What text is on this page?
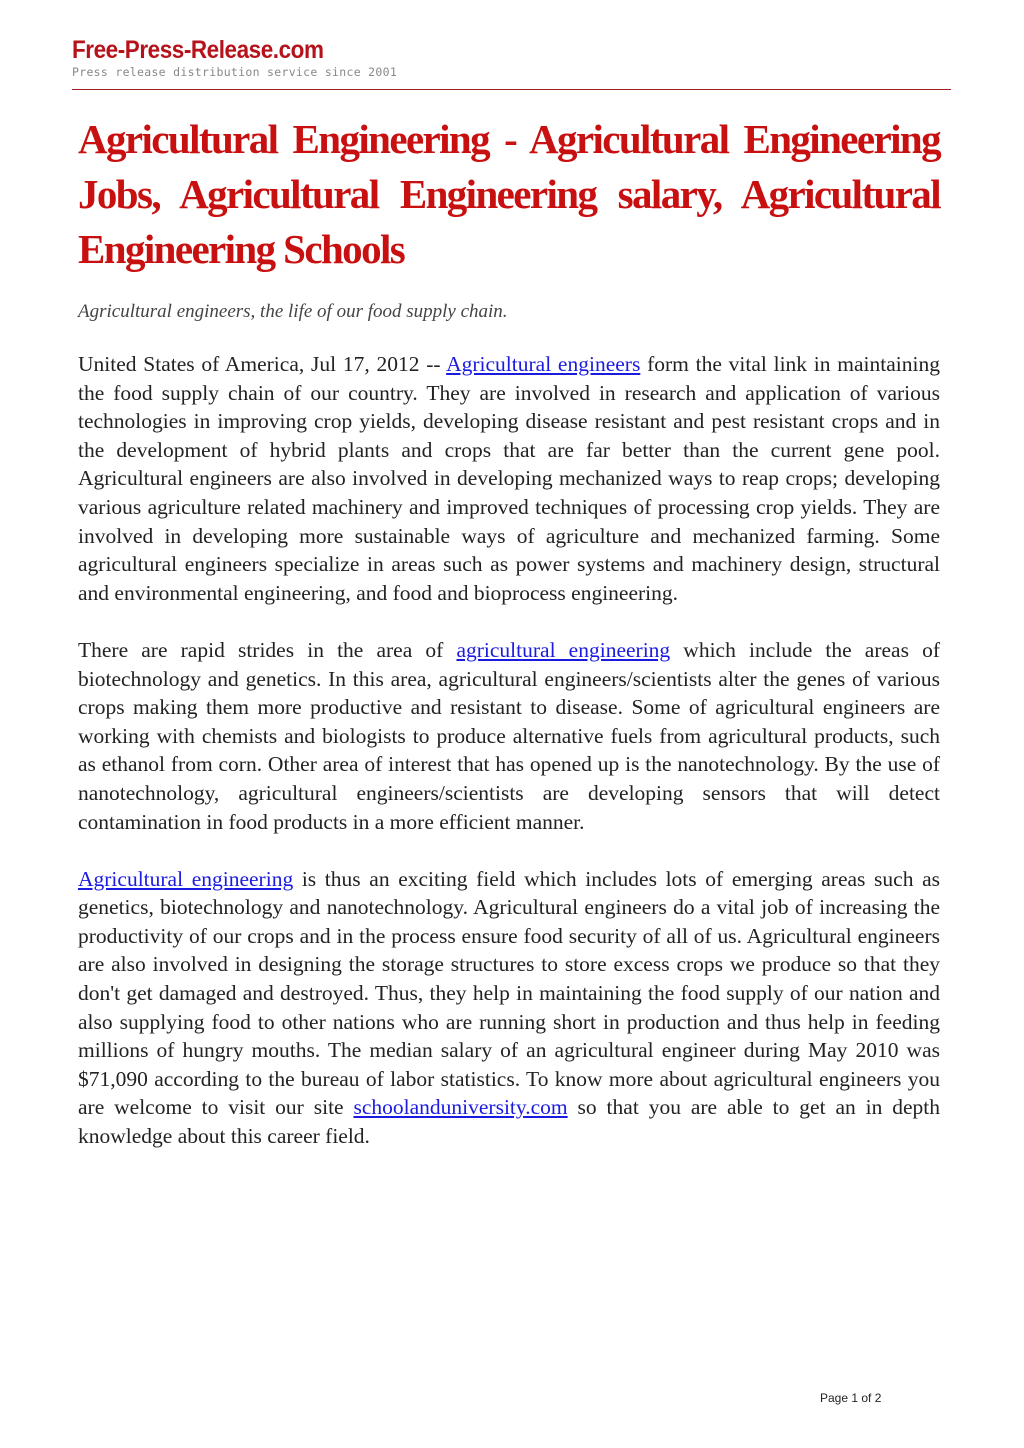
Free-Press-Release.com
Press release distribution service since 2001
Agricultural Engineering - Agricultural Engineering Jobs, Agricultural Engineering salary, Agricultural Engineering Schools
Agricultural engineers, the life of our food supply chain.

United States of America, Jul 17, 2012 -- Agricultural engineers form the vital link in maintaining the food supply chain of our country. They are involved in research and application of various technologies in improving crop yields, developing disease resistant and pest resistant crops and in the development of hybrid plants and crops that are far better than the current gene pool. Agricultural engineers are also involved in developing mechanized ways to reap crops; developing various agriculture related machinery and improved techniques of processing crop yields. They are involved in developing more sustainable ways of agriculture and mechanized farming. Some agricultural engineers specialize in areas such as power systems and machinery design, structural and environmental engineering, and food and bioprocess engineering.

There are rapid strides in the area of agricultural engineering which include the areas of biotechnology and genetics. In this area, agricultural engineers/scientists alter the genes of various crops making them more productive and resistant to disease. Some of agricultural engineers are working with chemists and biologists to produce alternative fuels from agricultural products, such as ethanol from corn. Other area of interest that has opened up is the nanotechnology. By the use of nanotechnology, agricultural engineers/scientists are developing sensors that will detect contamination in food products in a more efficient manner.

Agricultural engineering is thus an exciting field which includes lots of emerging areas such as genetics, biotechnology and nanotechnology. Agricultural engineers do a vital job of increasing the productivity of our crops and in the process ensure food security of all of us. Agricultural engineers are also involved in designing the storage structures to store excess crops we produce so that they don't get damaged and destroyed. Thus, they help in maintaining the food supply of our nation and also supplying food to other nations who are running short in production and thus help in feeding millions of hungry mouths. The median salary of an agricultural engineer during May 2010 was $71,090 according to the bureau of labor statistics. To know more about agricultural engineers you are welcome to visit our site schoolanduniversity.com so that you are able to get an in depth knowledge about this career field.

Page 1 of 2
